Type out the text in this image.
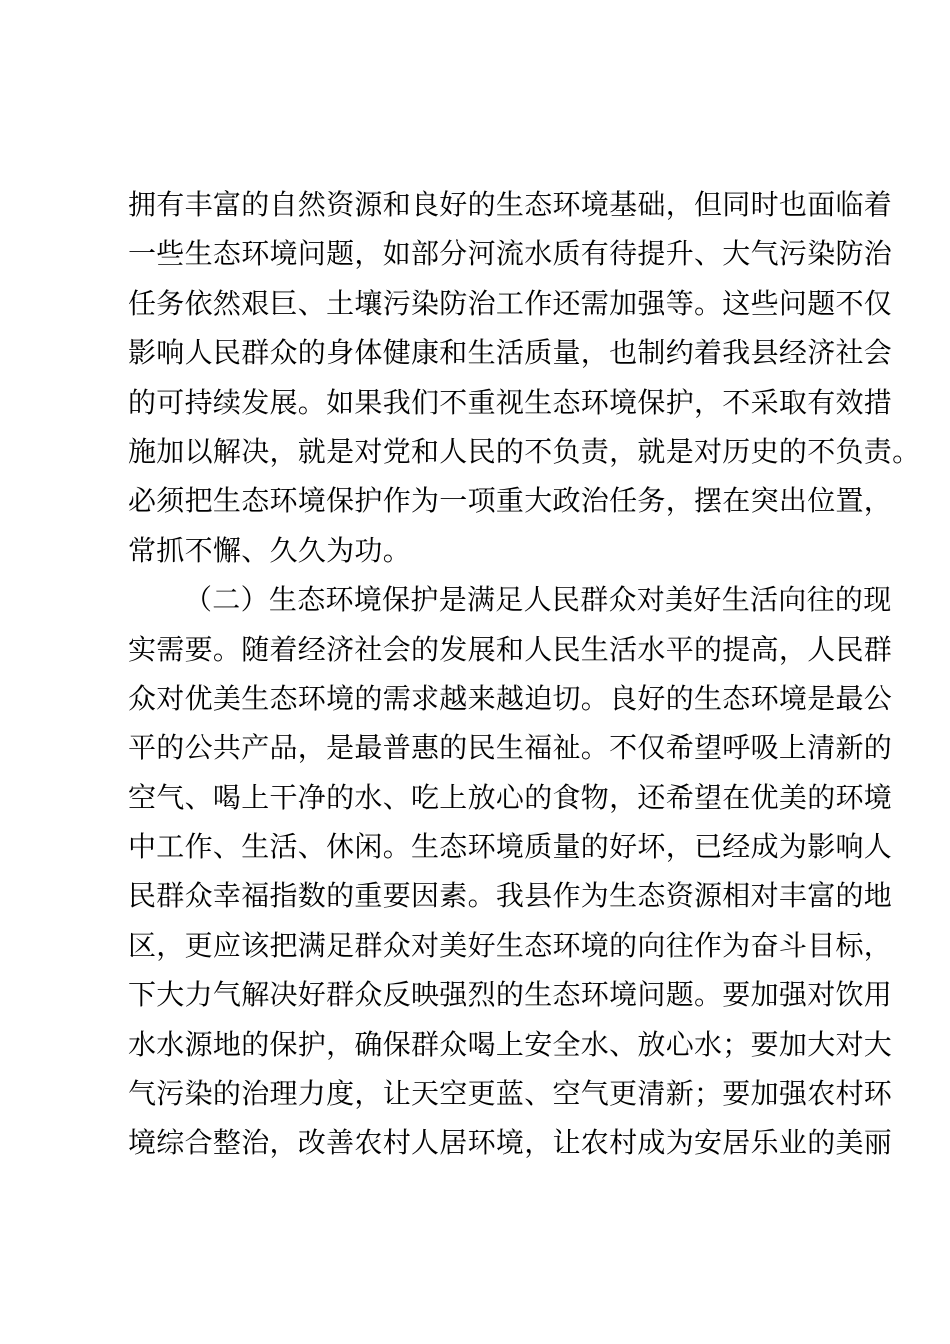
拥有丰富的自然资源和良好的生态环境基础，但同时也面临着
一些生态环境问题，如部分河流水质有待提升、大气污染防治
任务依然艰巨、土壤污染防治工作还需加强等。这些问题不仅
影响人民群众的身体健康和生活质量，也制约着我县经济社会
的可持续发展。如果我们不重视生态环境保护，不采取有效措
施加以解决，就是对党和人民的不负责，就是对历史的不负责。
必须把生态环境保护作为一项重大政治任务，摆在突出位置，
常抓不懈、久久为功。
（二）生态环境保护是满足人民群众对美好生活向往的现
实需要。随着经济社会的发展和人民生活水平的提高，人民群
众对优美生态环境的需求越来越迫切。良好的生态环境是最公
平的公共产品，是最普惠的民生福祉。不仅希望呼吸上清新的
空气、喝上干净的水、吃上放心的食物，还希望在优美的环境
中工作、生活、休闲。生态环境质量的好坏，已经成为影响人
民群众幸福指数的重要因素。我县作为生态资源相对丰富的地
区，更应该把满足群众对美好生态环境的向往作为奋斗目标，
下大力气解决好群众反映强烈的生态环境问题。要加强对饮用
水水源地的保护，确保群众喝上安全水、放心水；要加大对大
气污染的治理力度，让天空更蓝、空气更清新；要加强农村环
境综合整治，改善农村人居环境，让农村成为安居乐业的美丽
